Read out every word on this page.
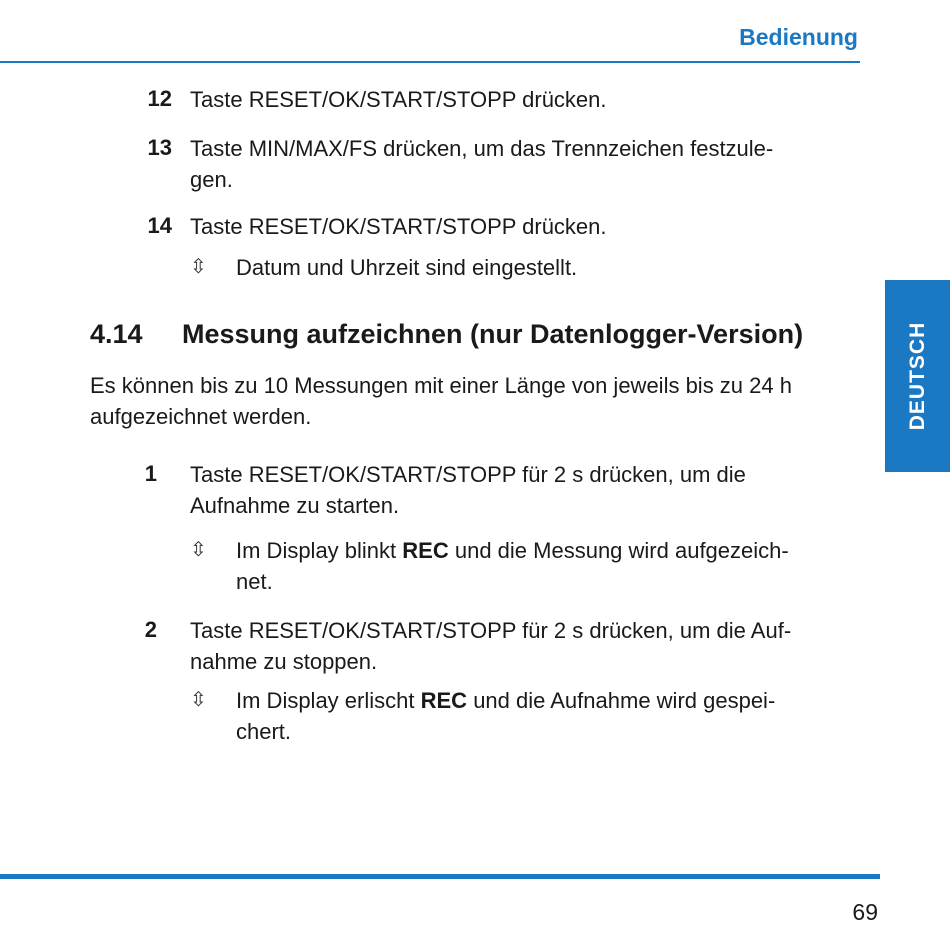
Bedienung
DEUTSCH
12 Taste RESET/OK/START/STOPP drücken.
13 Taste MIN/MAX/FS drücken, um das Trennzeichen festzule-
gen.
14 Taste RESET/OK/START/STOPP drücken.
⇳ Datum und Uhrzeit sind eingestellt.
4.14 Messung aufzeichnen (nur Datenlogger-Version)
Es können bis zu 10 Messungen mit einer Länge von jeweils bis zu 24 h
aufgezeichnet werden.
1 Taste RESET/OK/START/STOPP für 2 s drücken, um die
Aufnahme zu starten.
⇳ Im Display blinkt REC und die Messung wird aufgezeich-
net.
2 Taste RESET/OK/START/STOPP für 2 s drücken, um die Auf-
nahme zu stoppen.
⇳ Im Display erlischt REC und die Aufnahme wird gespei-
chert.
69
